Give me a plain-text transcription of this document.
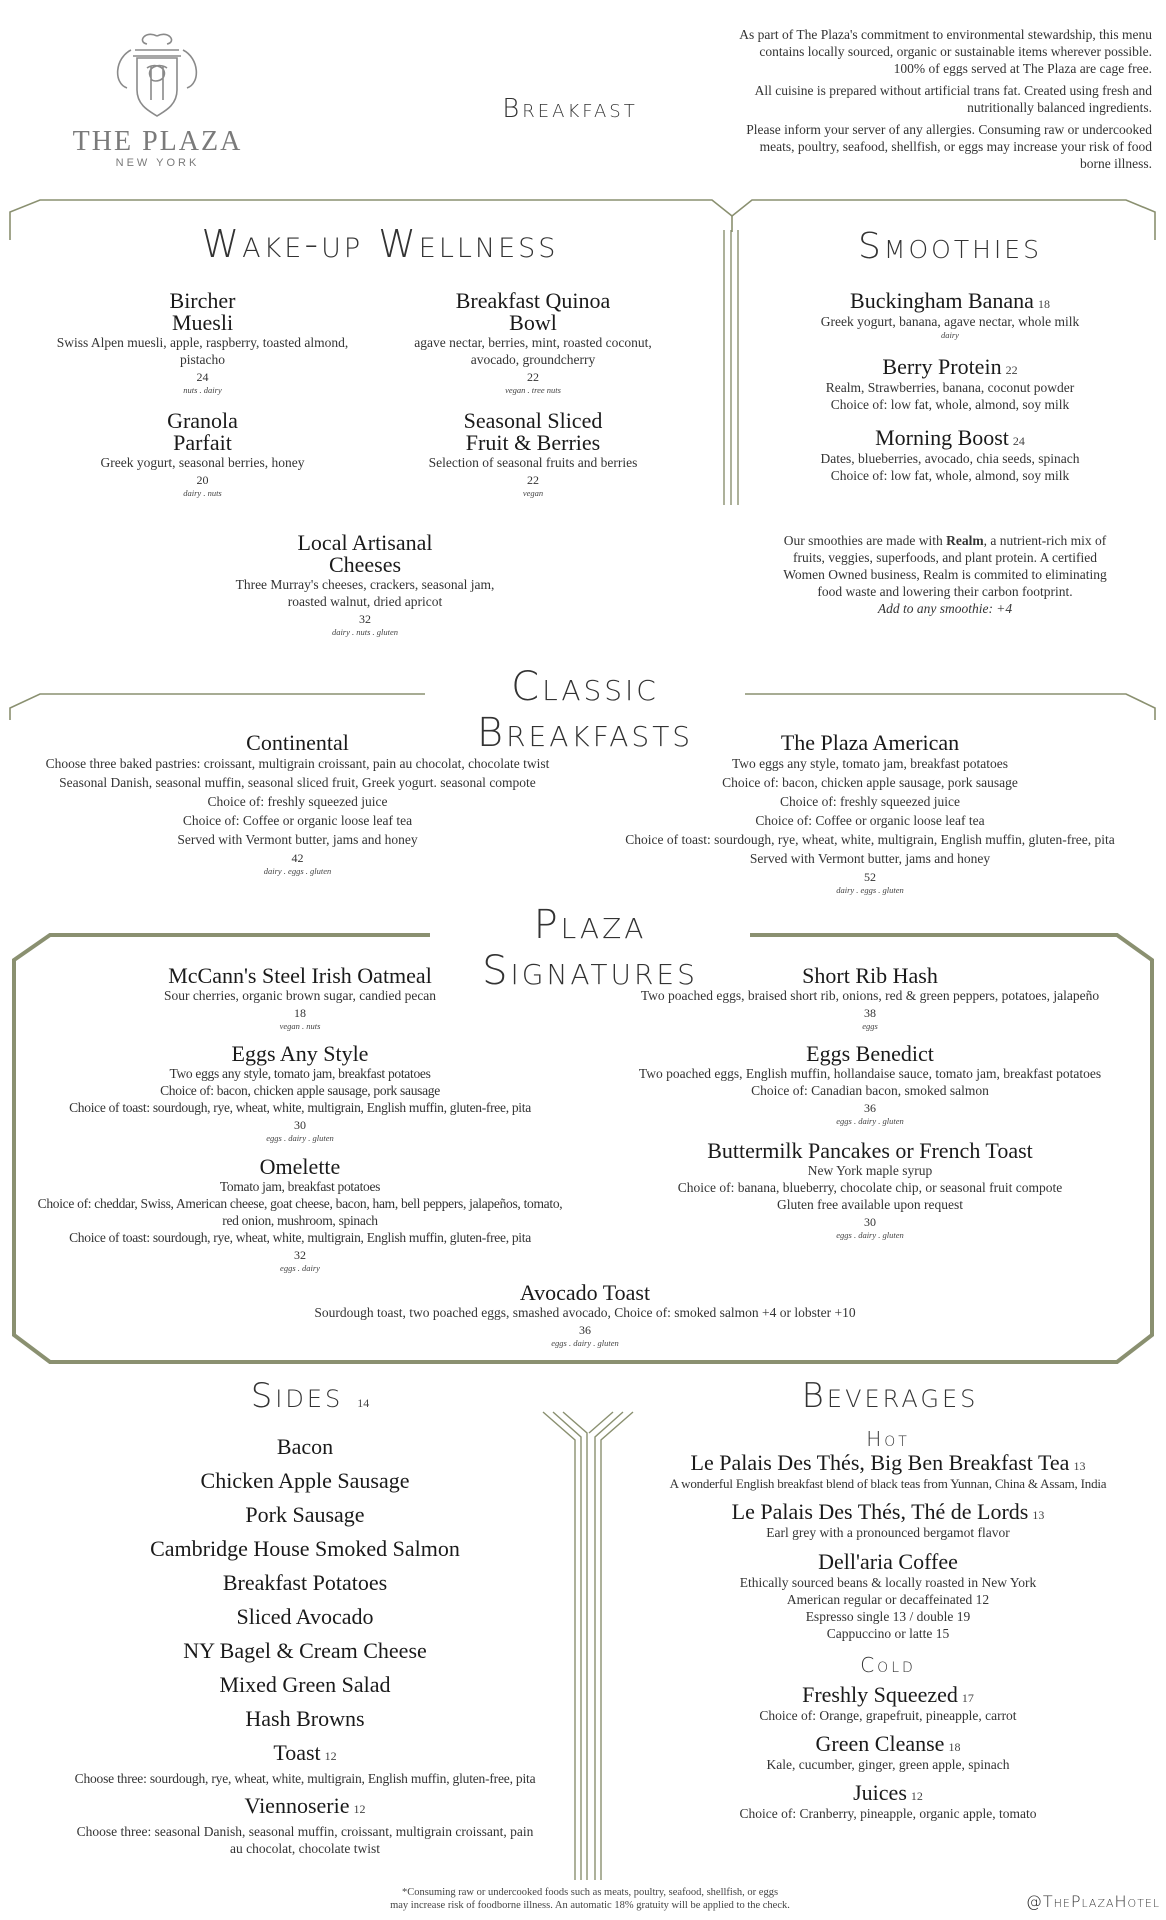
THE PLAZA
NEW YORK
Breakfast
As part of The Plaza's commitment to environmental stewardship, this menu contains locally sourced, organic or sustainable items wherever possible. 100% of eggs served at The Plaza are cage free.
All cuisine is prepared without artificial trans fat. Created using fresh and nutritionally balanced ingredients.
Please inform your server of any allergies. Consuming raw or undercooked meats, poultry, seafood, shellfish, or eggs may increase your risk of food borne illness.
Wake-up Wellness
Bircher
Muesli
Swiss Alpen muesli, apple, raspberry, toasted almond, pistacho
24
nuts . dairy
Breakfast Quinoa
Bowl
agave nectar, berries, mint, roasted coconut, avocado, groundcherry
22
vegan . tree nuts
Granola
Parfait
Greek yogurt, seasonal berries, honey
20
dairy . nuts
Seasonal Sliced
Fruit & Berries
Selection of seasonal fruits and berries
22
vegan
Local Artisanal
Cheeses
Three Murray's cheeses, crackers, seasonal jam, roasted walnut, dried apricot
32
dairy . nuts . gluten
Smoothies
Buckingham Banana 18
Greek yogurt, banana, agave nectar, whole milk
dairy
Berry Protein 22
Realm, Strawberries, banana, coconut powder
Choice of: low fat, whole, almond, soy milk
Morning Boost 24
Dates, blueberries, avocado, chia seeds, spinach
Choice of: low fat, whole, almond, soy milk
Our smoothies are made with Realm, a nutrient-rich mix of fruits, veggies, superfoods, and plant protein. A certified Women Owned business, Realm is commited to eliminating food waste and lowering their carbon footprint.
Add to any smoothie: +4
Classic Breakfasts
Continental
Choose three baked pastries: croissant, multigrain croissant, pain au chocolat, chocolate twist
Seasonal Danish, seasonal muffin, seasonal sliced fruit, Greek yogurt. seasonal compote
Choice of: freshly squeezed juice
Choice of: Coffee or organic loose leaf tea
Served with Vermont butter, jams and honey
42
dairy . eggs . gluten
The Plaza American
Two eggs any style, tomato jam, breakfast potatoes
Choice of: bacon, chicken apple sausage, pork sausage
Choice of: freshly squeezed juice
Choice of: Coffee or organic loose leaf tea
Choice of toast: sourdough, rye, wheat, white, multigrain, English muffin, gluten-free, pita
Served with Vermont butter, jams and honey
52
dairy . eggs . gluten
Plaza Signatures
McCann's Steel Irish Oatmeal
Sour cherries, organic brown sugar, candied pecan
18
vegan . nuts
Eggs Any Style
Two eggs any style, tomato jam, breakfast potatoes
Choice of: bacon, chicken apple sausage, pork sausage
Choice of toast: sourdough, rye, wheat, white, multigrain, English muffin, gluten-free, pita
30
eggs . dairy . gluten
Omelette
Tomato jam, breakfast potatoes
Choice of: cheddar, Swiss, American cheese, goat cheese, bacon, ham, bell peppers, jalapeños, tomato, red onion, mushroom, spinach
Choice of toast: sourdough, rye, wheat, white, multigrain, English muffin, gluten-free, pita
32
eggs . dairy
Short Rib Hash
Two poached eggs, braised short rib, onions, red & green peppers, potatoes, jalapeño
38
eggs
Eggs Benedict
Two poached eggs, English muffin, hollandaise sauce, tomato jam, breakfast potatoes
Choice of: Canadian bacon, smoked salmon
36
eggs . dairy . gluten
Buttermilk Pancakes or French Toast
New York maple syrup
Choice of: banana, blueberry, chocolate chip, or seasonal fruit compote
Gluten free available upon request
30
eggs . dairy . gluten
Avocado Toast
Sourdough toast, two poached eggs, smashed avocado, Choice of: smoked salmon +4 or lobster +10
36
eggs . dairy . gluten
Sides 14
Bacon
Chicken Apple Sausage
Pork Sausage
Cambridge House Smoked Salmon
Breakfast Potatoes
Sliced Avocado
NY Bagel & Cream Cheese
Mixed Green Salad
Hash Browns
Toast 12
Choose three: sourdough, rye, wheat, white, multigrain, English muffin, gluten-free, pita
Viennoserie 12
Choose three: seasonal Danish, seasonal muffin, croissant, multigrain croissant, pain au chocolat, chocolate twist
Beverages
Hot
Le Palais Des Thés, Big Ben Breakfast Tea 13
A wonderful English breakfast blend of black teas from Yunnan, China & Assam, India
Le Palais Des Thés, Thé de Lords 13
Earl grey with a pronounced bergamot flavor
Dell'aria Coffee
Ethically sourced beans & locally roasted in New York
American regular or decaffeinated 12
Espresso single 13 / double 19
Cappuccino or latte 15
Cold
Freshly Squeezed 17
Choice of: Orange, grapefruit, pineapple, carrot
Green Cleanse 18
Kale, cucumber, ginger, green apple, spinach
Juices 12
Choice of: Cranberry, pineapple, organic apple, tomato
*Consuming raw or undercooked foods such as meats, poultry, seafood, shellfish, or eggs
may increase risk of foodborne illness. An automatic 18% gratuity will be applied to the check.	@ThePlazaHotel
